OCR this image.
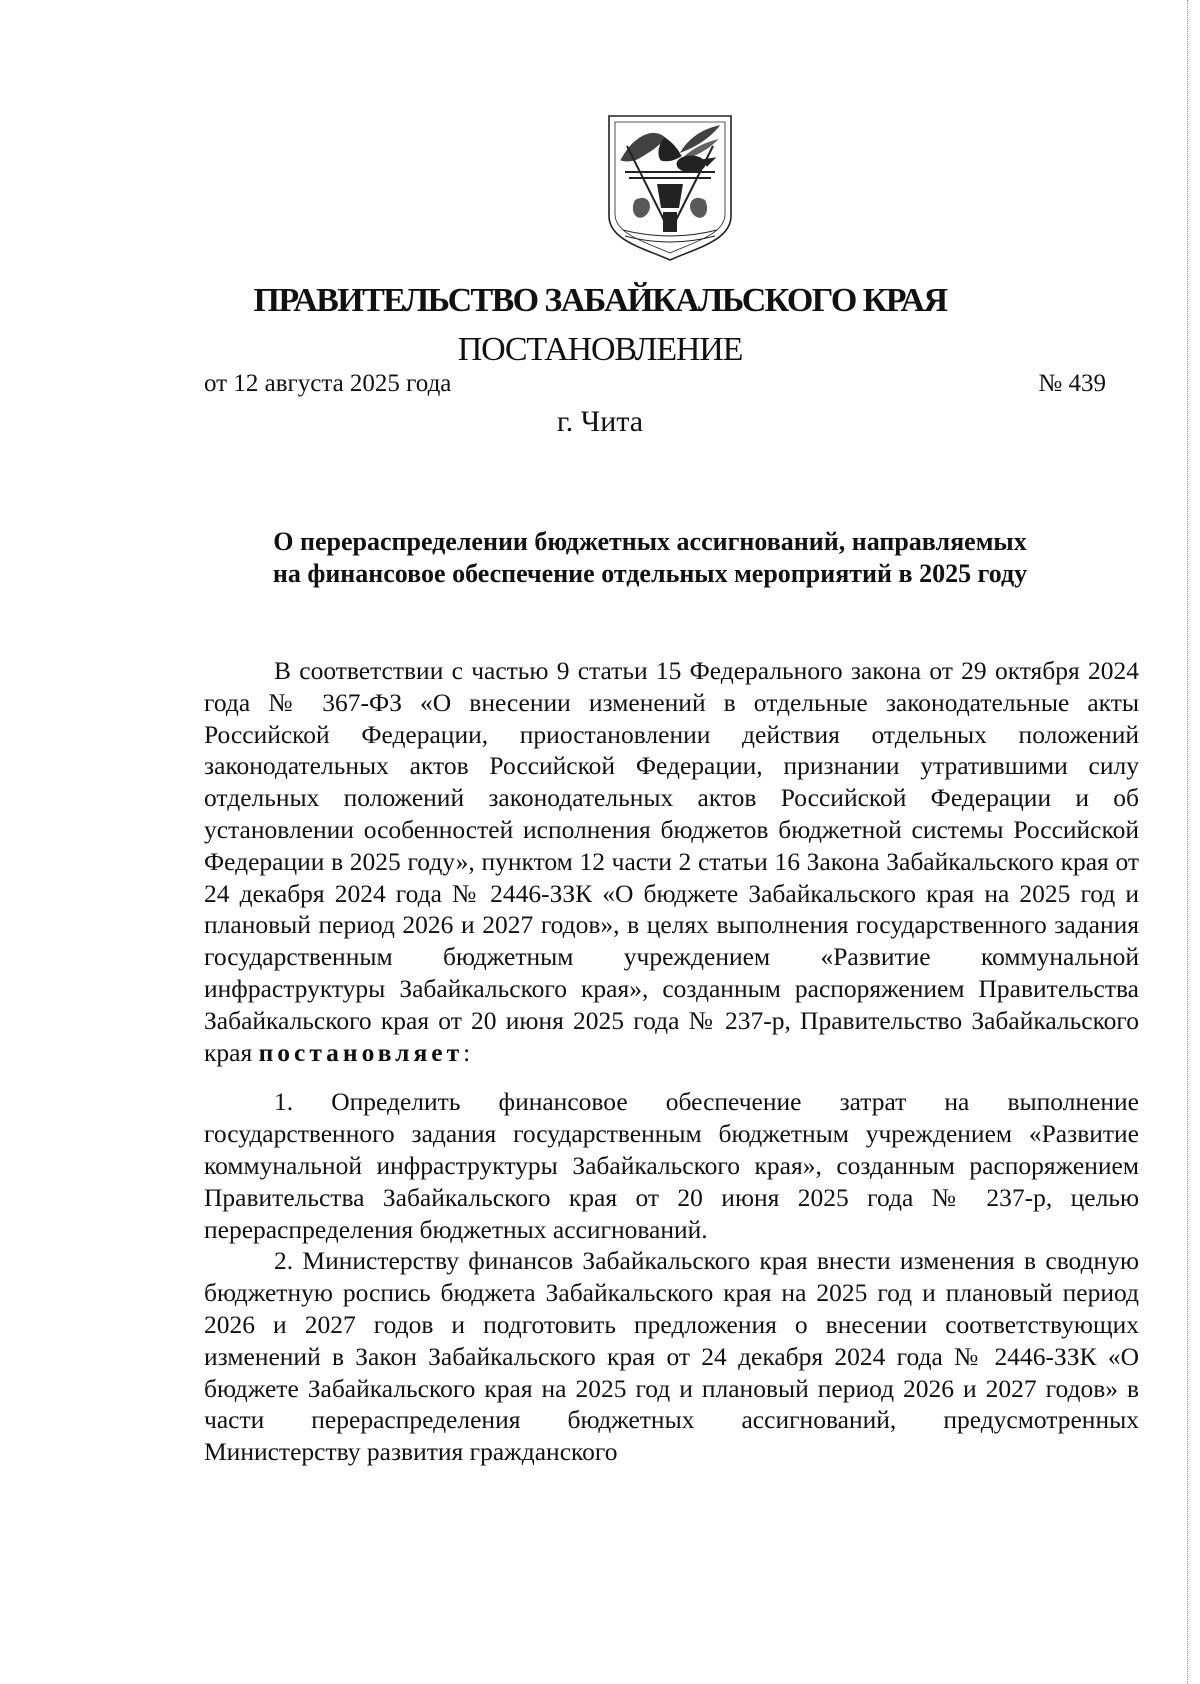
ПРАВИТЕЛЬСТВО ЗАБАЙКАЛЬСКОГО КРАЯ
ПОСТАНОВЛЕНИЕ
от 12 августа 2025 года	№ 439
г. Чита
О перераспределении бюджетных ассигнований, направляемых
на финансовое обеспечение отдельных мероприятий в 2025 году

В соответствии с частью 9 статьи 15 Федерального закона от 29 октября 2024 года № 367-ФЗ «О внесении изменений в отдельные законодательные акты Российской Федерации, приостановлении действия отдельных положений законодательных актов Российской Федерации, признании утратившими силу отдельных положений законодательных актов Российской Федерации и об установлении особенностей исполнения бюджетов бюджетной системы Российской Федерации в 2025 году», пунктом 12 части 2 статьи 16 Закона Забайкальского края от 24 декабря 2024 года № 2446-ЗЗК «О бюджете Забайкальского края на 2025 год и плановый период 2026 и 2027 годов», в целях выполнения государственного задания государственным бюджетным учреждением «Развитие коммунальной инфраструктуры Забайкальского края», созданным распоряжением Правительства Забайкальского края от 20 июня 2025 года № 237-р, Правительство Забайкальского края постановляет:

1. Определить финансовое обеспечение затрат на выполнение государственного задания государственным бюджетным учреждением «Развитие коммунальной инфраструктуры Забайкальского края», созданным распоряжением Правительства Забайкальского края от 20 июня 2025 года № 237-р, целью перераспределения бюджетных ассигнований.

2. Министерству финансов Забайкальского края внести изменения в сводную бюджетную роспись бюджета Забайкальского края на 2025 год и плановый период 2026 и 2027 годов и подготовить предложения о внесении соответствующих изменений в Закон Забайкальского края от 24 декабря 2024 года № 2446-ЗЗК «О бюджете Забайкальского края на 2025 год и плановый период 2026 и 2027 годов» в части перераспределения бюджетных ассигнований, предусмотренных Министерству развития гражданского
